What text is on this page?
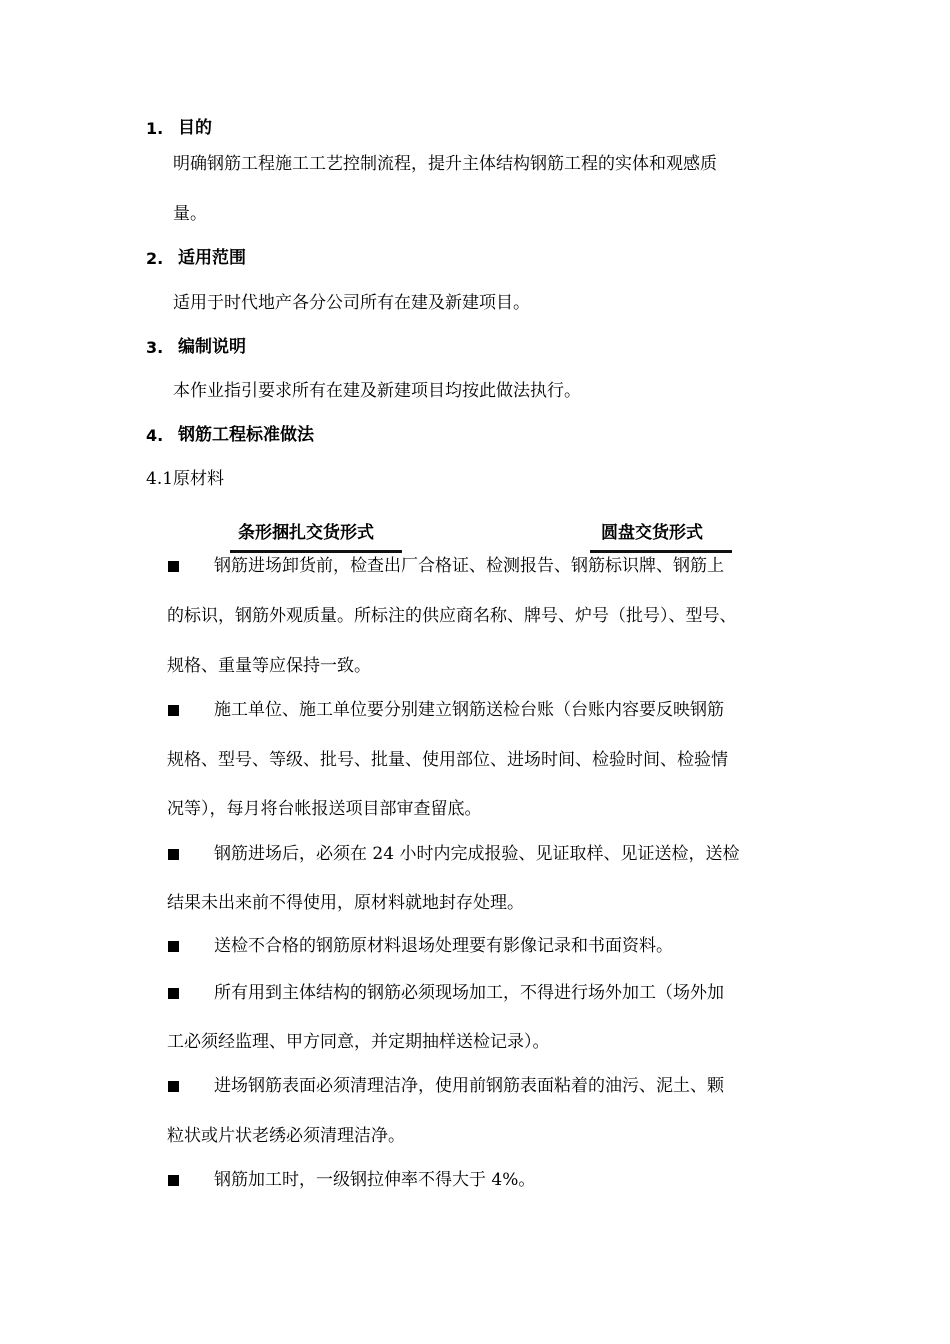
1. 目的
明确钢筋工程施工工艺控制流程，提升主体结构钢筋工程的实体和观感质
量。
2. 适用范围
适用于时代地产各分公司所有在建及新建项目。
3. 编制说明
本作业指引要求所有在建及新建项目均按此做法执行。
4. 钢筋工程标准做法
4.1原材料
条形捆扎交货形式	圆盘交货形式
钢筋进场卸货前，检查出厂合格证、检测报告、钢筋标识牌、钢筋上
的标识，钢筋外观质量。所标注的供应商名称、牌号、炉号（批号）、型号、
规格、重量等应保持一致。
施工单位、施工单位要分别建立钢筋送检台账（台账内容要反映钢筋
规格、型号、等级、批号、批量、使用部位、进场时间、检验时间、检验情
况等），每月将台帐报送项目部审查留底。
钢筋进场后，必须在 24 小时内完成报验、见证取样、见证送检，送检
结果未出来前不得使用，原材料就地封存处理。
送检不合格的钢筋原材料退场处理要有影像记录和书面资料。
所有用到主体结构的钢筋必须现场加工，不得进行场外加工（场外加
工必须经监理、甲方同意，并定期抽样送检记录）。
进场钢筋表面必须清理洁净，使用前钢筋表面粘着的油污、泥土、颗
粒状或片状老绣必须清理洁净。
钢筋加工时，一级钢拉伸率不得大于 4%。
